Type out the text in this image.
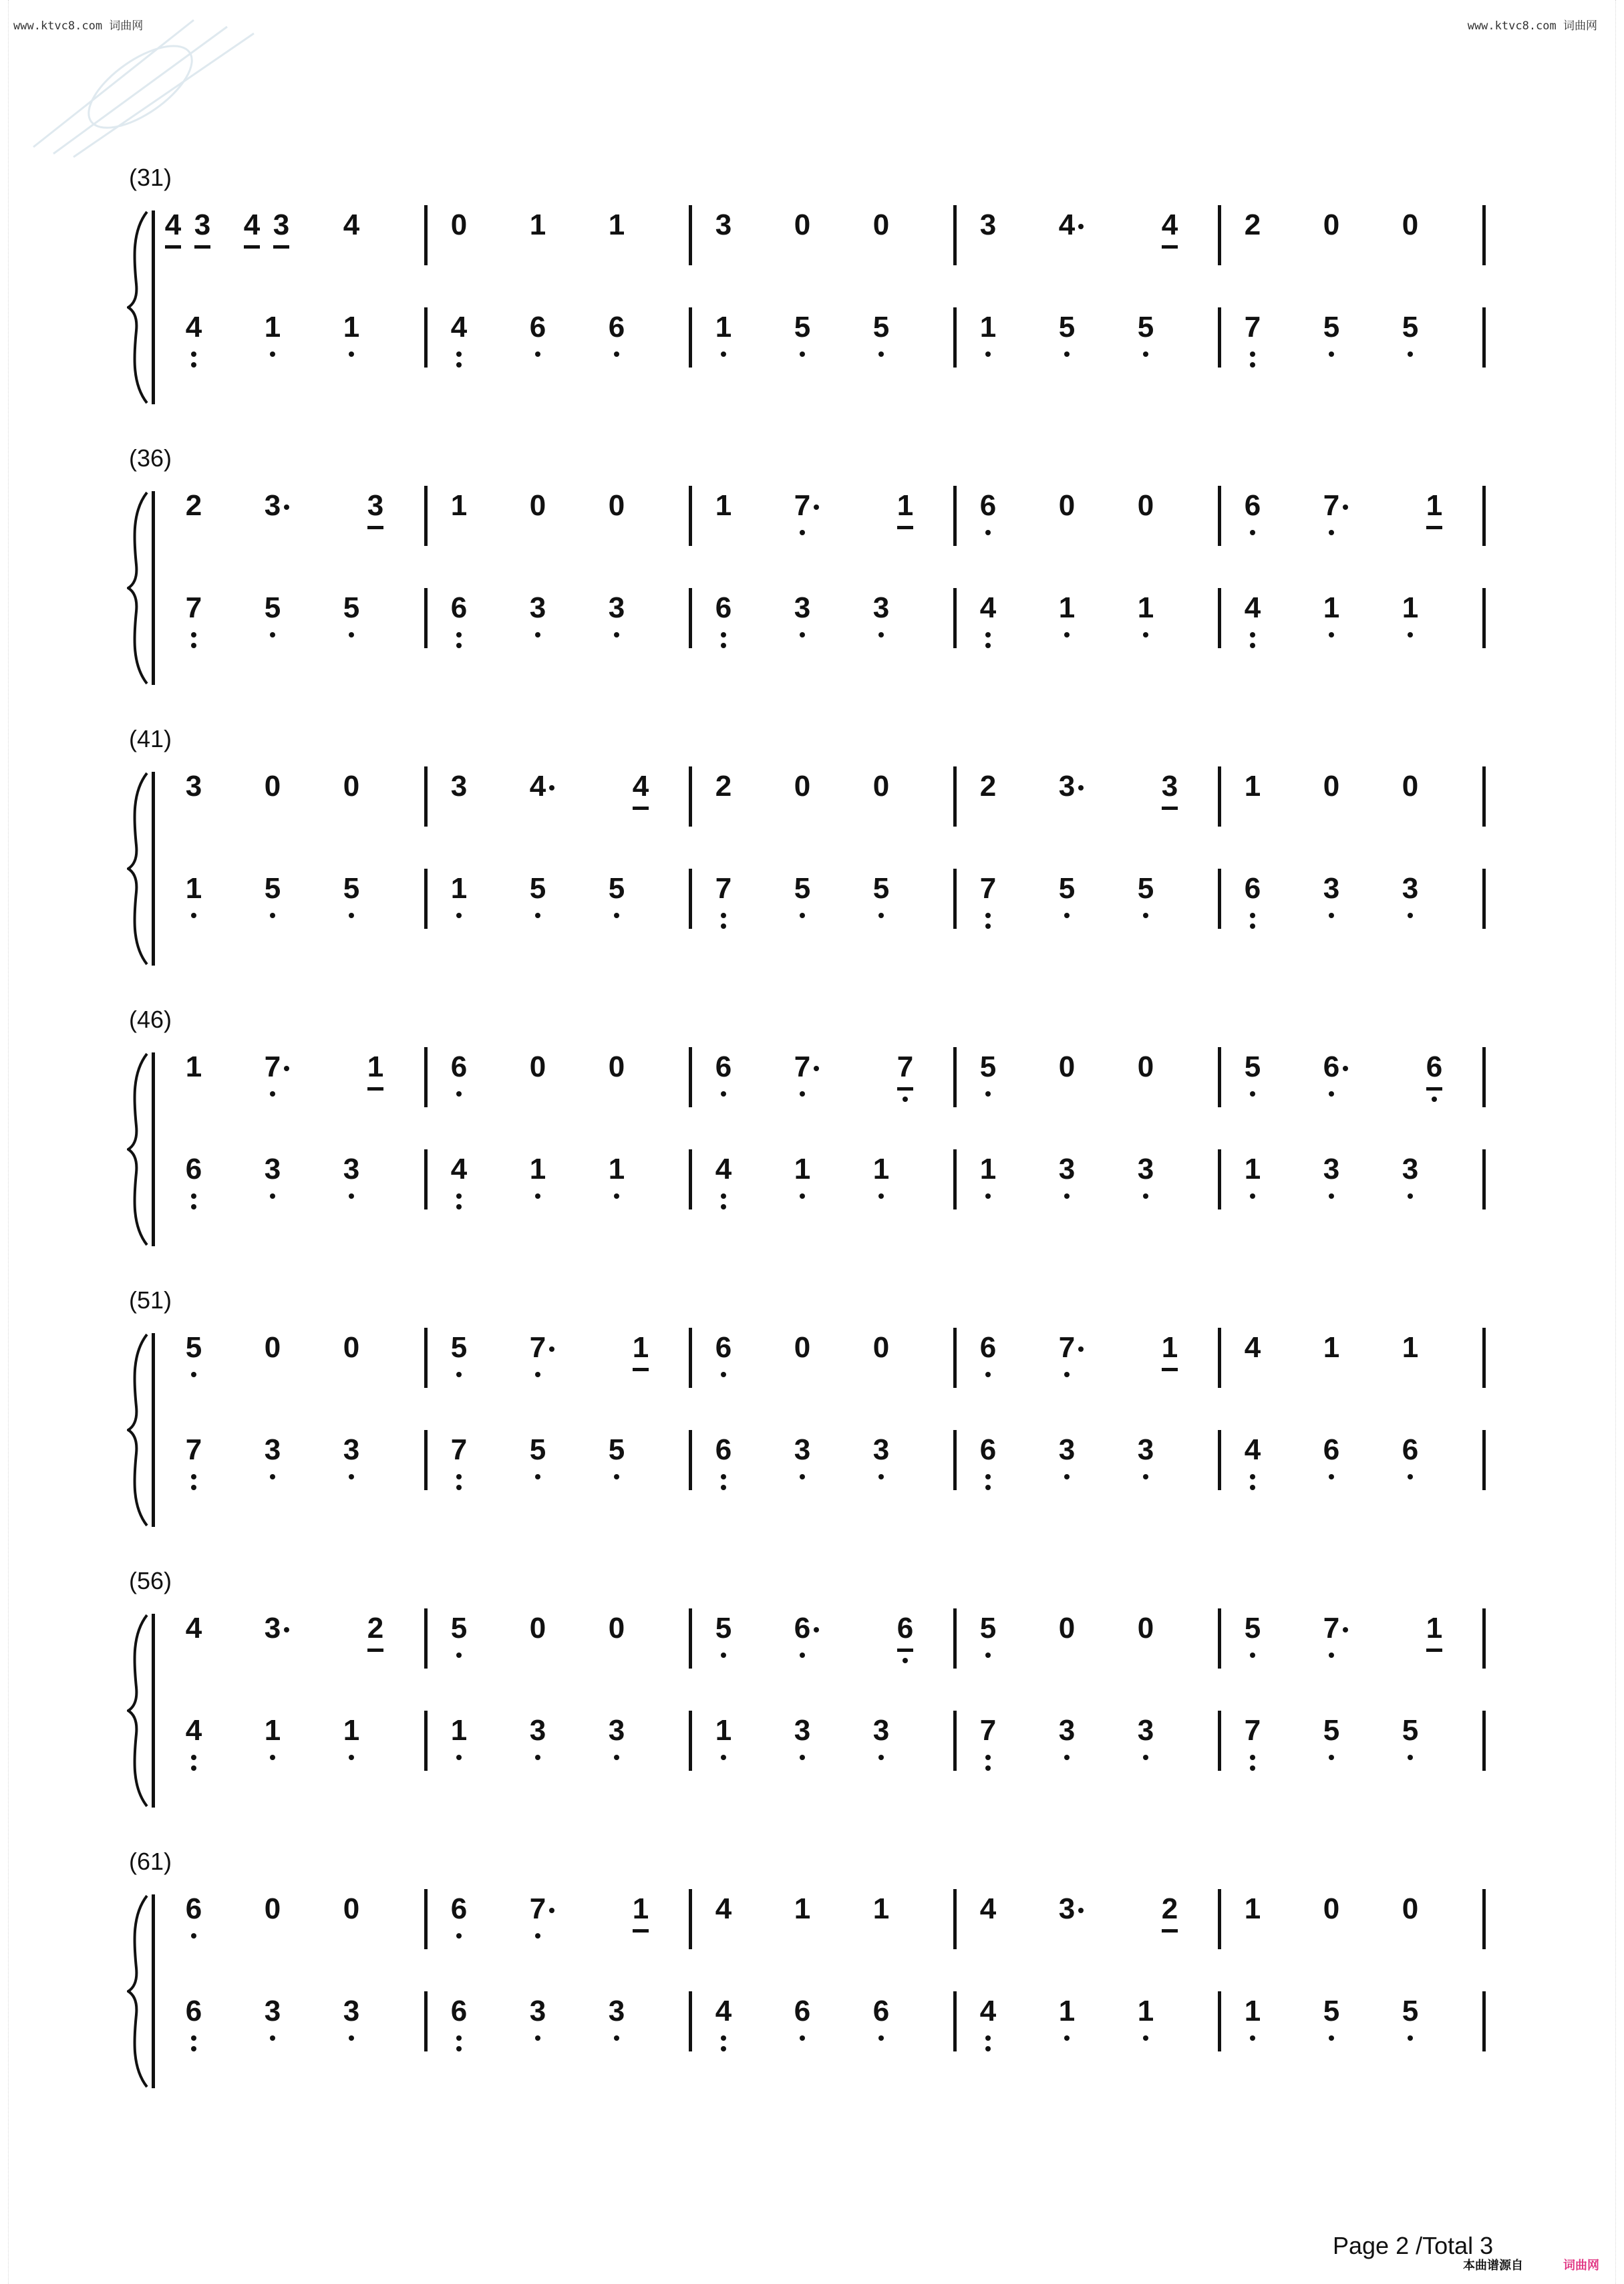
www.ktvc8.com 词曲网	www.ktvc8.com 词曲网
(31)
4 3 4 3	4	0	1	1	3	0	0	3	4	4	2	0	0
4	1	1	4	6	6	1	5	5	1	5	5	7	5	5
(36)
2	3	3	1	0	0	1	7	1	6	0	0	6	7	1
7	5	5	6	3	3	6	3	3	4	1	1	4	1	1
(41)
3	0	0	3	4	4	2	0	0	2	3	3	1	0	0
1	5	5	1	5	5	7	5	5	7	5	5	6	3	3
(46)
1	7	1	6	0	0	6	7	7	5	0	0	5	6	6
6	3	3	4	1	1	4	1	1	1	3	3	1	3	3
(51)
5	0	0	5	7	1	6	0	0	6	7	1	4	1	1
7	3	3	7	5	5	6	3	3	6	3	3	4	6	6
(56)
4	3	2	5	0	0	5	6	6	5	0	0	5	7	1
4	1	1	1	3	3	1	3	3	7	3	3	7	5	5
(61)
6	0	0	6	7	1	4	1	1	4	3	2	1	0	0
6	3	3	6	3	3	4	6	6	4	1	1	1	5	5
Page 2 /Total 3
本曲谱源自	词曲网
